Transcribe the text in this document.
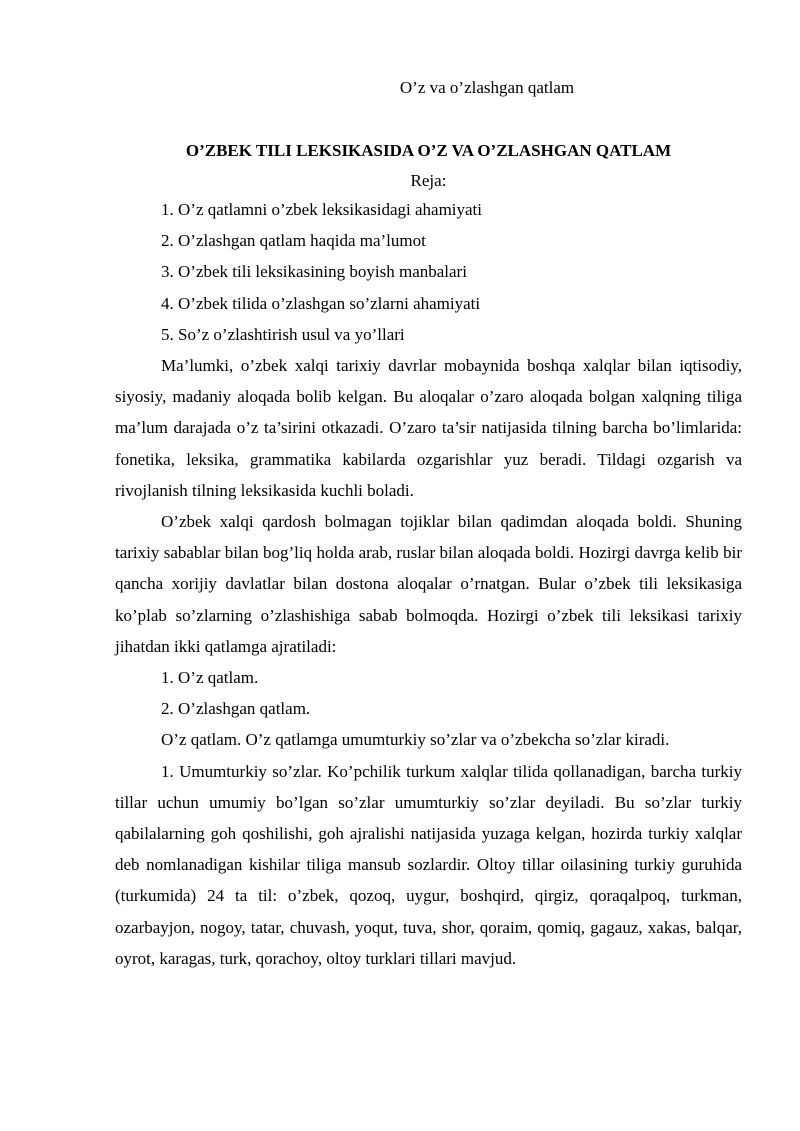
O’z va o’zlashgan qatlam

O’ZBEK TILI LEKSIKASIDA O’Z VA O’ZLASHGAN QATLAM

Reja:

1. O’z qatlamni o’zbek leksikasidagi ahamiyati
2. O’zlashgan qatlam haqida ma’lumot
3. O’zbek tili leksikasining boyish manbalari
4. O’zbek tilida o’zlashgan so’zlarni ahamiyati
5. So’z o’zlashtirish usul va yo’llari

Ma’lumki, o’zbek xalqi tarixiy davrlar mobaynida boshqa xalqlar bilan iqtisodiy, siyosiy, madaniy aloqada bolib kelgan. Bu aloqalar o’zaro aloqada bolgan xalqning tiliga ma’lum darajada o’z ta’sirini otkazadi. O’zaro ta’sir natijasida tilning barcha bo’limlarida: fonetika, leksika, grammatika kabilarda ozgarishlar yuz beradi. Tildagi ozgarish va rivojlanish tilning leksikasida kuchli boladi.

O’zbek xalqi qardosh bolmagan tojiklar bilan qadimdan aloqada boldi. Shuning tarixiy sabablar bilan bog’liq holda arab, ruslar bilan aloqada boldi. Hozirgi davrga kelib bir qancha xorijiy davlatlar bilan dostona aloqalar o’rnatgan. Bular o’zbek tili leksikasiga ko’plab so’zlarning o’zlashishiga sabab bolmoqda. Hozirgi o’zbek tili leksikasi tarixiy jihatdan ikki qatlamga ajratiladi:

1. O’z qatlam.
2. O’zlashgan qatlam.

O’z qatlam. O’z qatlamga umumturkiy so’zlar va o’zbekcha so’zlar kiradi.

1. Umumturkiy so’zlar. Ko’pchilik turkum xalqlar tilida qollanadigan, barcha turkiy tillar uchun umumiy bo’lgan so’zlar umumturkiy so’zlar deyiladi. Bu so’zlar turkiy qabilalarning goh qoshilishi, goh ajralishi natijasida yuzaga kelgan, hozirda turkiy xalqlar deb nomlanadigan kishilar tiliga mansub sozlardir. Oltoy tillar oilasining turkiy guruhida (turkumida) 24 ta til: o’zbek, qozoq, uygur, boshqird, qirgiz, qoraqalpoq, turkman, ozarbayjon, nogoy, tatar, chuvash, yoqut, tuva, shor, qoraim, qomiq, gagauz, xakas, balqar, oyrot, karagas, turk, qorachoy, oltoy turklari tillari mavjud.
